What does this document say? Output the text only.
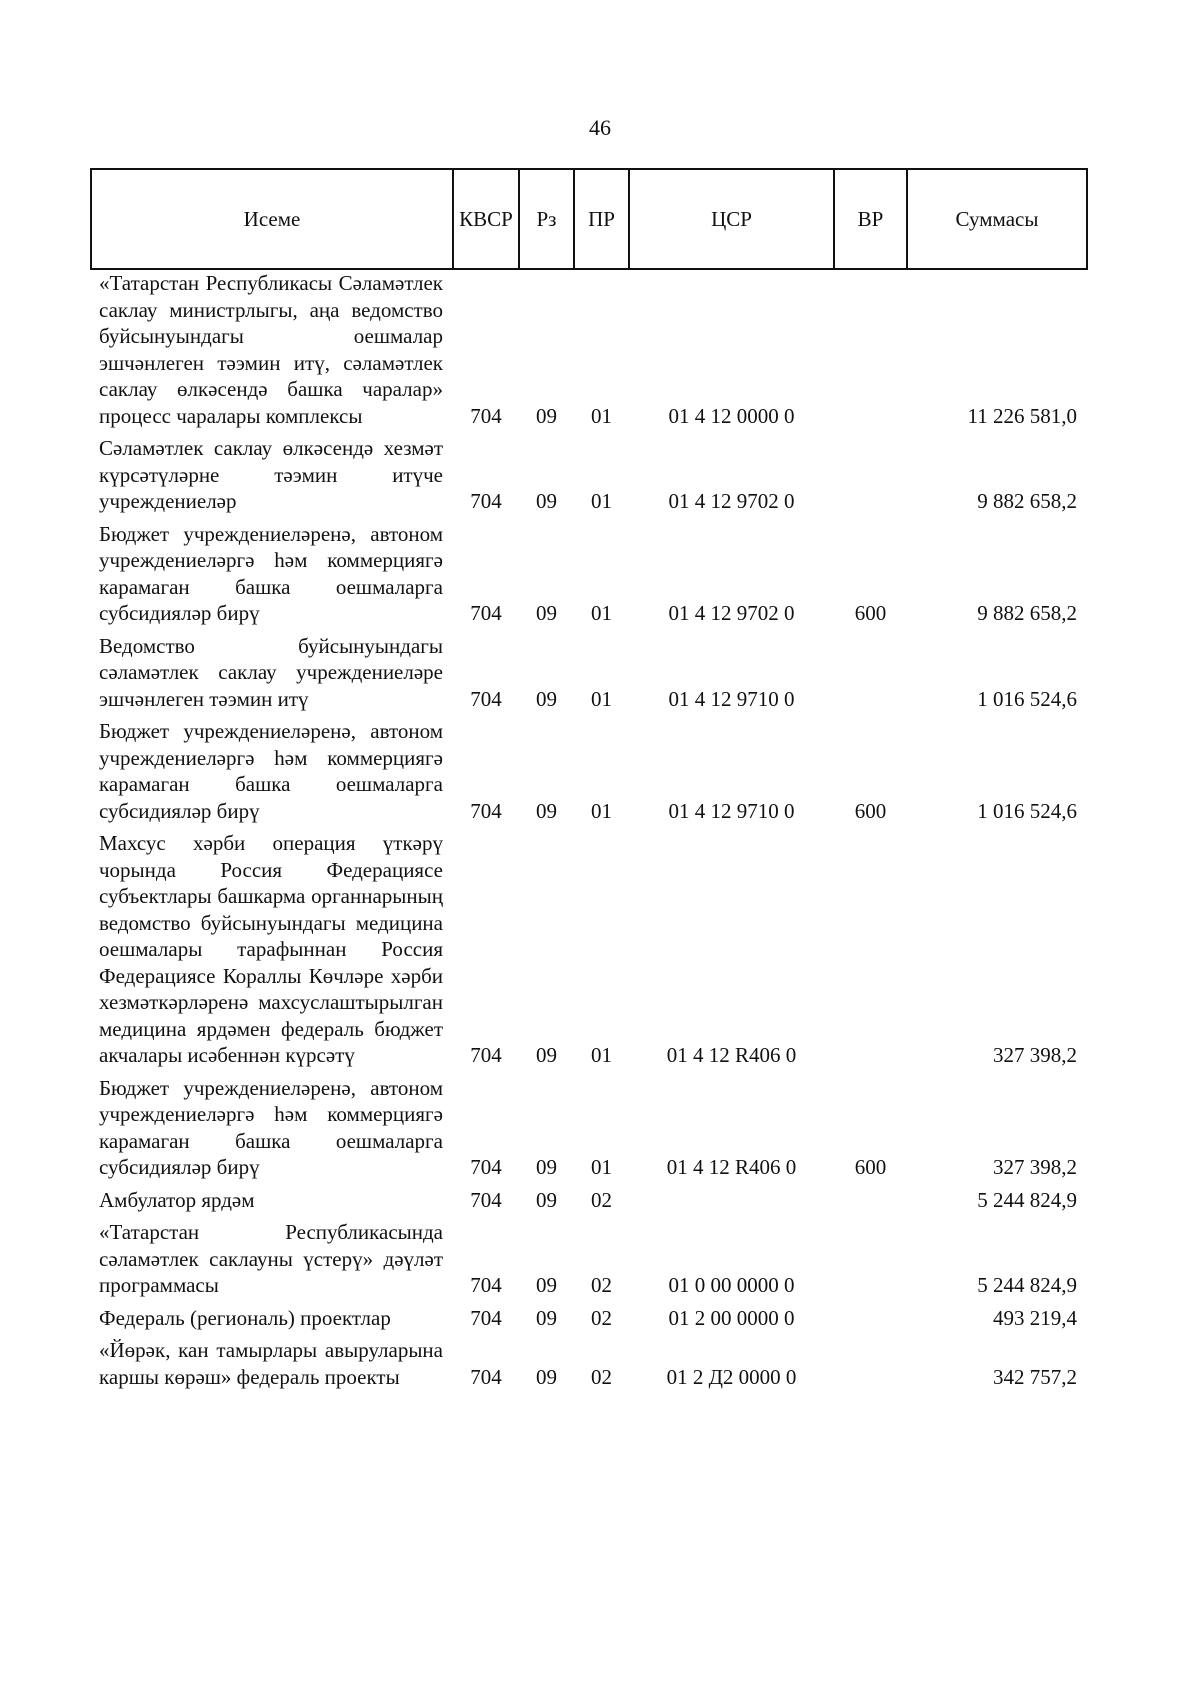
46
Исеме	КВСР	Рз	ПР	ЦСР	ВР	Суммасы
«Татарстан Республикасы Сәламәтлек саклау министрлыгы, аңа ведомство буйсынуындагы оешмалар эшчәнлеген тәэмин итү, сәламәтлек саклау өлкәсендә башка чаралар» процесс чаралары комплексы	704	09	01	01 4 12 0000 0		11 226 581,0
Сәламәтлек саклау өлкәсендә хезмәт күрсәтүләрне тәэмин итүче учреждениеләр	704	09	01	01 4 12 9702 0		9 882 658,2
Бюджет учреждениеләренә, автоном учреждениеләргә һәм коммерциягә карамаган башка оешмаларга субсидияләр бирү	704	09	01	01 4 12 9702 0	600	9 882 658,2
Ведомство буйсынуындагы сәламәтлек саклау учреждениеләре эшчәнлеген тәэмин итү	704	09	01	01 4 12 9710 0		1 016 524,6
Бюджет учреждениеләренә, автоном учреждениеләргә һәм коммерциягә карамаган башка оешмаларга субсидияләр бирү	704	09	01	01 4 12 9710 0	600	1 016 524,6
Махсус хәрби операция үткәрү чорында Россия Федерациясе субъектлары башкарма органнарының ведомство буйсынуындагы медицина оешмалары тарафыннан Россия Федерациясе Кораллы Көчләре хәрби хезмәткәрләренә махсуслаштырылган медицина ярдәмен федераль бюджет акчалары исәбеннән күрсәтү	704	09	01	01 4 12 R406 0		327 398,2
Бюджет учреждениеләренә, автоном учреждениеләргә һәм коммерциягә карамаган башка оешмаларга субсидияләр бирү	704	09	01	01 4 12 R406 0	600	327 398,2
Амбулатор ярдәм	704	09	02			5 244 824,9
«Татарстан Республикасында сәламәтлек саклауны үстерү» дәүләт программасы	704	09	02	01 0 00 0000 0		5 244 824,9
Федераль (региональ) проектлар	704	09	02	01 2 00 0000 0		493 219,4
«Йөрәк, кан тамырлары авыруларына каршы көрәш» федераль проекты	704	09	02	01 2 Д2 0000 0		342 757,2
